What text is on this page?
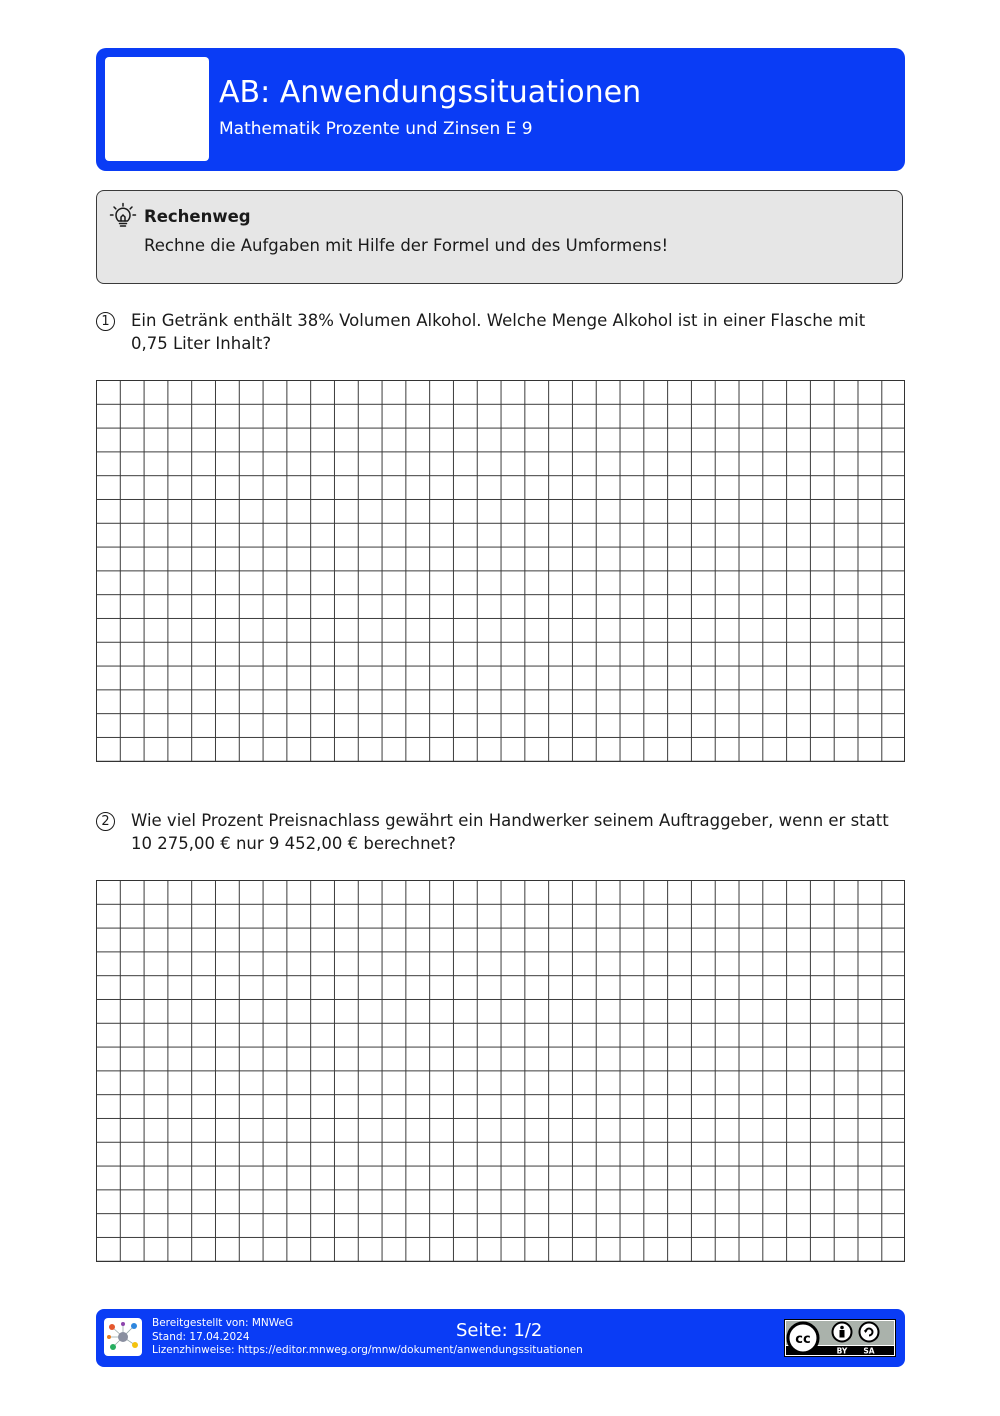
AB: Anwendungssituationen
Mathematik Prozente und Zinsen E 9
Rechenweg
Rechne die Aufgaben mit Hilfe der Formel und des Umformens!
1	Ein Getränk enthält 38% Volumen Alkohol. Welche Menge Alkohol ist in einer Flasche mit 0,75 Liter Inhalt?
2	Wie viel Prozent Preisnachlass gewährt ein Handwerker seinem Auftraggeber, wenn er statt 10 275,00 € nur 9 452,00 € berechnet?
Bereitgestellt von: MNWeG
Stand: 17.04.2024
Lizenzhinweise: https://editor.mnweg.org/mnw/dokument/anwendungssituationen
Seite: 1/2	cc
BY SA
